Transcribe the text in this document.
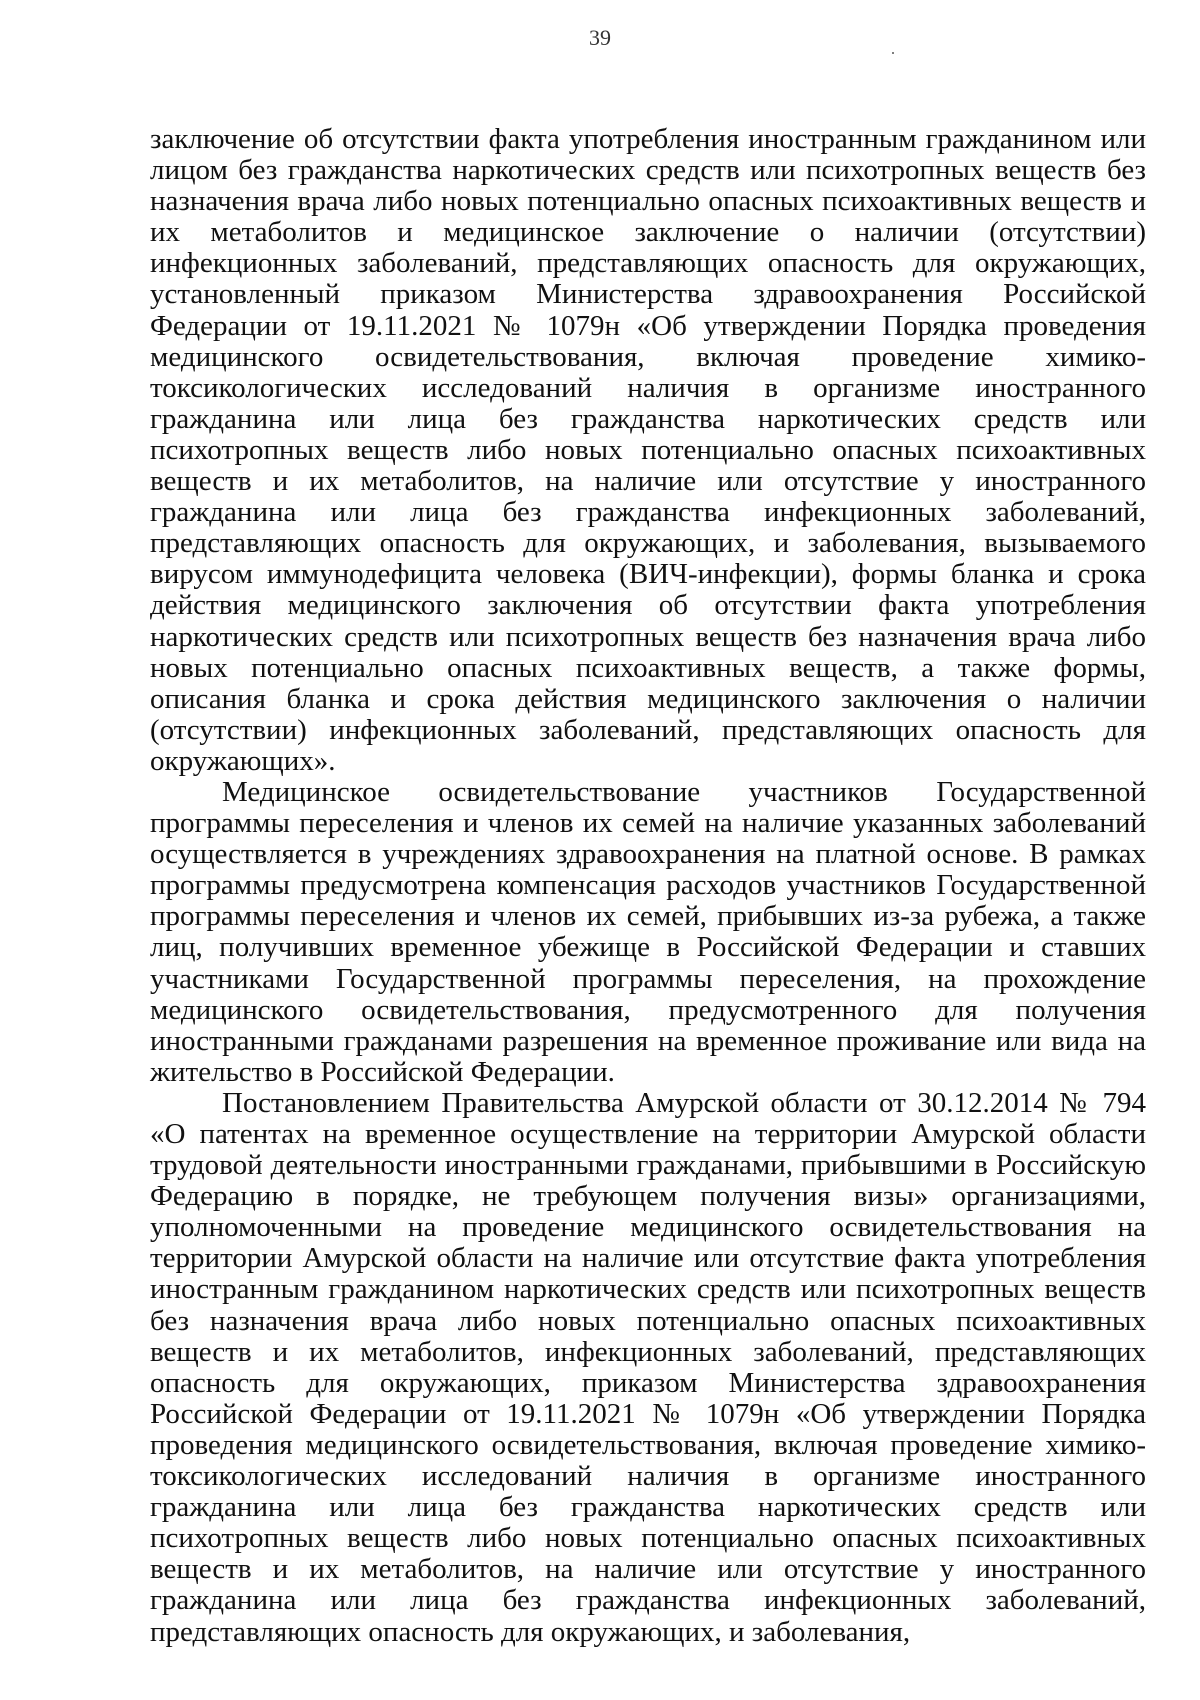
39

заключение об отсутствии факта употребления иностранным гражданином или лицом без гражданства наркотических средств или психотропных веществ без назначения врача либо новых потенциально опасных психоактивных веществ и их метаболитов и медицинское заключение о наличии (отсутствии) инфекционных заболеваний, представляющих опасность для окружающих, установленный приказом Министерства здравоохранения Российской Федерации от 19.11.2021 № 1079н «Об утверждении Порядка проведения медицинского освидетельствования, включая проведение химико-токсикологических исследований наличия в организме иностранного гражданина или лица без гражданства наркотических средств или психотропных веществ либо новых потенциально опасных психоактивных веществ и их метаболитов, на наличие или отсутствие у иностранного гражданина или лица без гражданства инфекционных заболеваний, представляющих опасность для окружающих, и заболевания, вызываемого вирусом иммунодефицита человека (ВИЧ-инфекции), формы бланка и срока действия медицинского заключения об отсутствии факта употребления наркотических средств или психотропных веществ без назначения врача либо новых потенциально опасных психоактивных веществ, а также формы, описания бланка и срока действия медицинского заключения о наличии (отсутствии) инфекционных заболеваний, представляющих опасность для окружающих».

Медицинское освидетельствование участников Государственной программы переселения и членов их семей на наличие указанных заболеваний осуществляется в учреждениях здравоохранения на платной основе. В рамках программы предусмотрена компенсация расходов участников Государственной программы переселения и членов их семей, прибывших из-за рубежа, а также лиц, получивших временное убежище в Российской Федерации и ставших участниками Государственной программы переселения, на прохождение медицинского освидетельствования, предусмотренного для получения иностранными гражданами разрешения на временное проживание или вида на жительство в Российской Федерации.

Постановлением Правительства Амурской области от 30.12.2014 № 794 «О патентах на временное осуществление на территории Амурской области трудовой деятельности иностранными гражданами, прибывшими в Российскую Федерацию в порядке, не требующем получения визы» организациями, уполномоченными на проведение медицинского освидетельствования на территории Амурской области на наличие или отсутствие факта употребления иностранным гражданином наркотических средств или психотропных веществ без назначения врача либо новых потенциально опасных психоактивных веществ и их метаболитов, инфекционных заболеваний, представляющих опасность для окружающих, приказом Министерства здравоохранения Российской Федерации от 19.11.2021 № 1079н «Об утверждении Порядка проведения медицинского освидетельствования, включая проведение химико-токсикологических исследований наличия в организме иностранного гражданина или лица без гражданства наркотических средств или психотропных веществ либо новых потенциально опасных психоактивных веществ и их метаболитов, на наличие или отсутствие у иностранного гражданина или лица без гражданства инфекционных заболеваний, представляющих опасность для окружающих, и заболевания,
